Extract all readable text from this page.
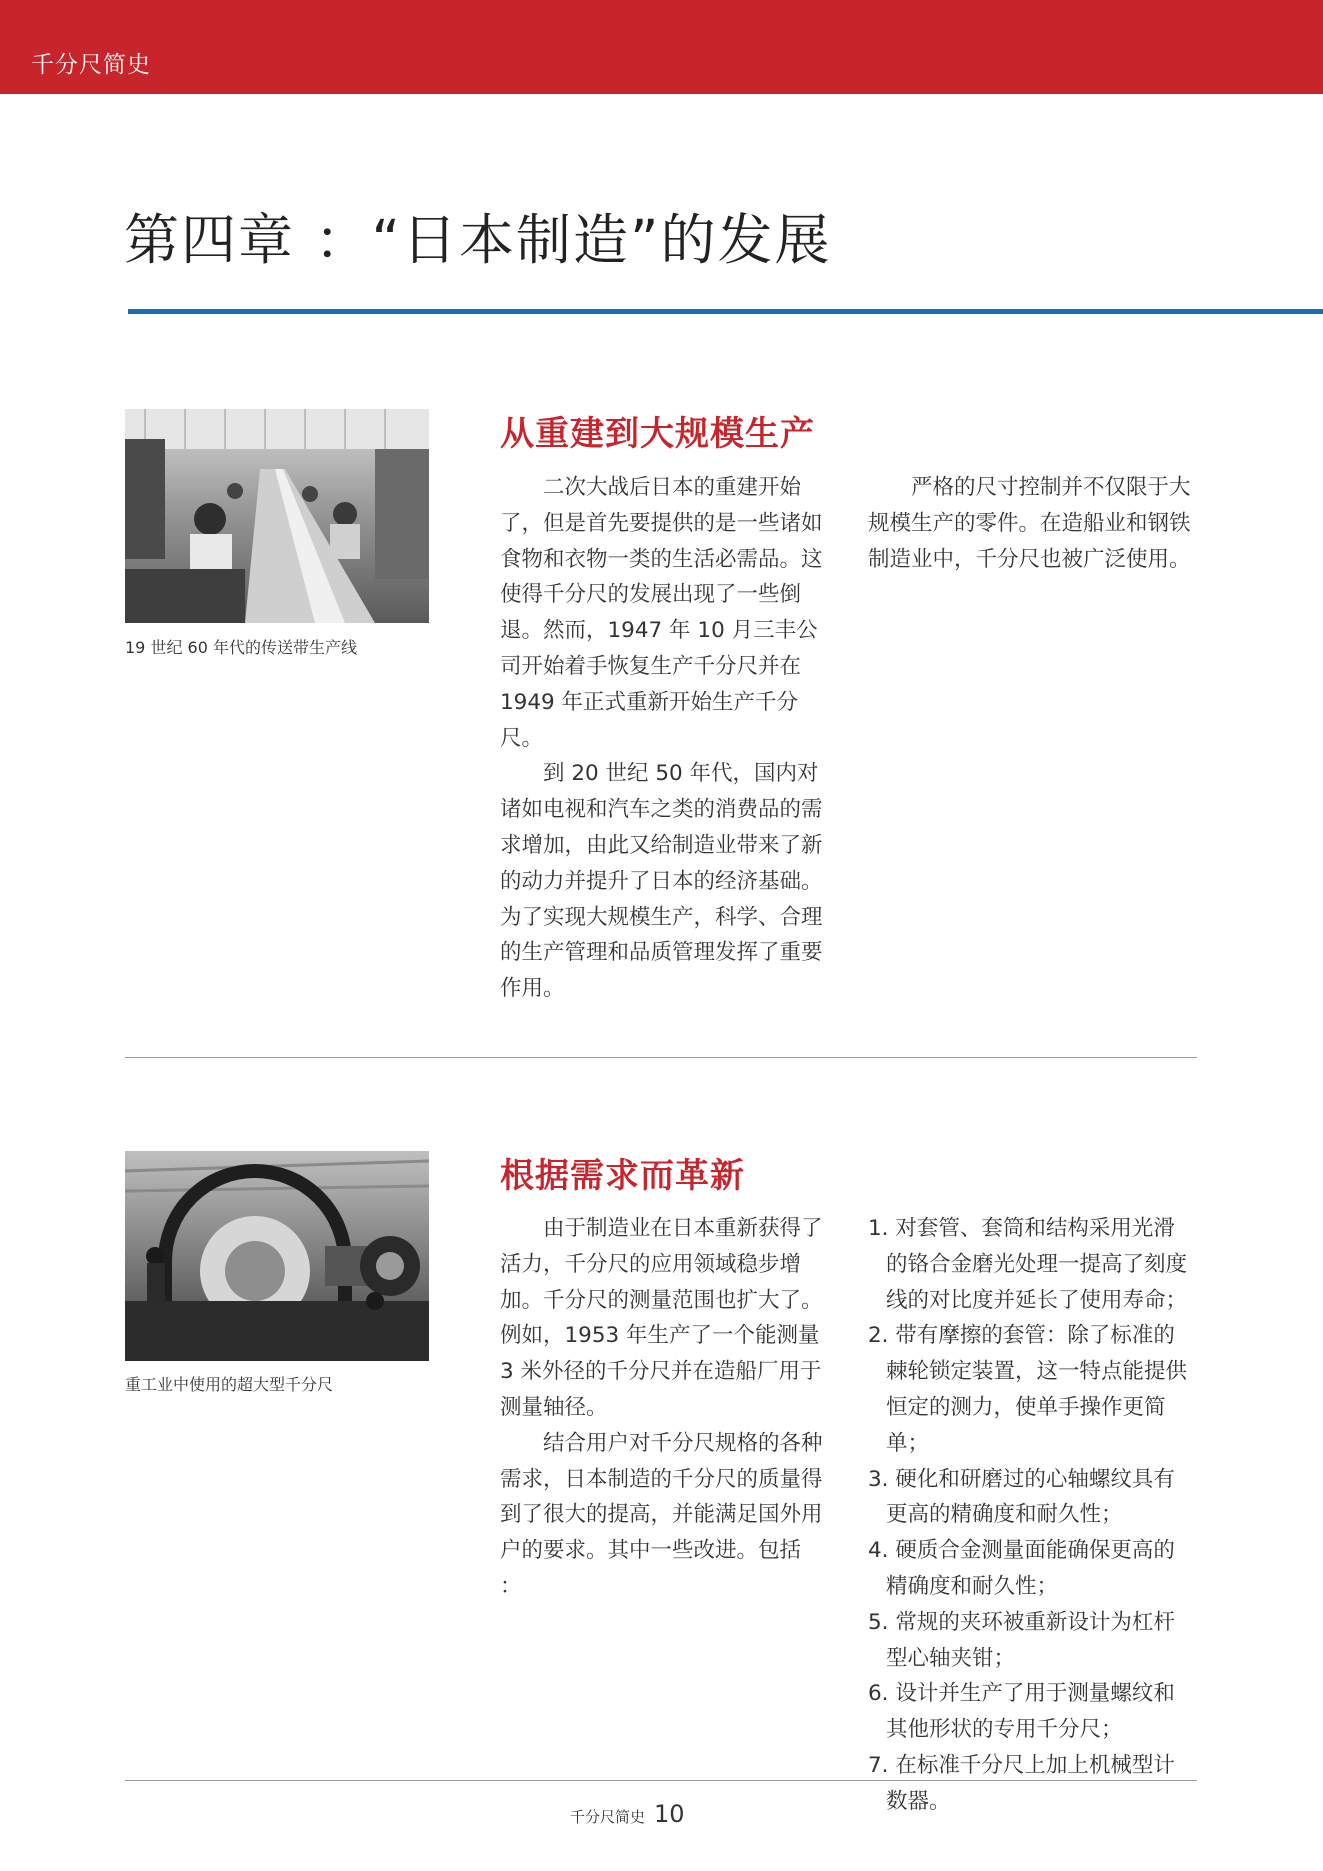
千分尺简史
第四章 ：“日本制造”的发展
19 世纪 60 年代的传送带生产线
从重建到大规模生产

二次大战后日本的重建开始了，但是首先要提供的是一些诸如食物和衣物一类的生活必需品。这使得千分尺的发展出现了一些倒退。然而，1947 年 10 月三丰公司开始着手恢复生产千分尺并在 1949 年正式重新开始生产千分尺。

到 20 世纪 50 年代，国内对诸如电视和汽车之类的消费品的需求增加，由此又给制造业带来了新的动力并提升了日本的经济基础。为了实现大规模生产，科学、合理的生产管理和品质管理发挥了重要作用。

严格的尺寸控制并不仅限于大规模生产的零件。在造船业和钢铁制造业中，千分尺也被广泛使用。

重工业中使用的超大型千分尺
根据需求而革新

由于制造业在日本重新获得了活力，千分尺的应用领域稳步增加。千分尺的测量范围也扩大了。例如，1953 年生产了一个能测量 3 米外径的千分尺并在造船厂用于测量轴径。

结合用户对千分尺规格的各种需求，日本制造的千分尺的质量得到了很大的提高，并能满足国外用户的要求。其中一些改进。包括 ：

1. 对套管、套筒和结构采用光滑的铬合金磨光处理一提高了刻度线的对比度并延长了使用寿命；
2. 带有摩擦的套管：除了标准的棘轮锁定装置，这一特点能提供恒定的测力，使单手操作更简单；
3. 硬化和研磨过的心轴螺纹具有更高的精确度和耐久性；
4. 硬质合金测量面能确保更高的精确度和耐久性；
5. 常规的夹环被重新设计为杠杆型心轴夹钳；
6. 设计并生产了用于测量螺纹和其他形状的专用千分尺；
7. 在标准千分尺上加上机械型计数器。
千分尺简史 10
